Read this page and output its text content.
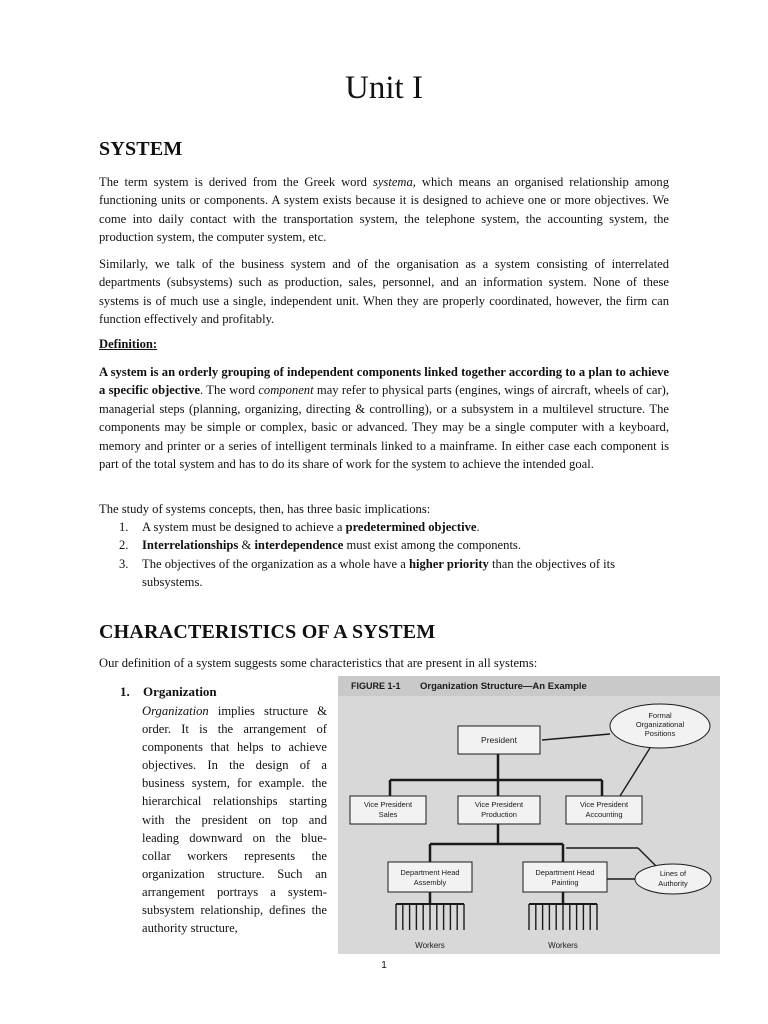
Unit I
SYSTEM

The term system is derived from the Greek word systema, which means an organised relationship among functioning units or components. A system exists because it is designed to achieve one or more objectives. We come into daily contact with the transportation system, the telephone system, the accounting system, the production system, the computer system, etc.

Similarly, we talk of the business system and of the organisation as a system consisting of interrelated departments (subsystems) such as production, sales, personnel, and an information system. None of these systems is of much use a single, independent unit. When they are properly coordinated, however, the firm can function effectively and profitably.

Definition:

A system is an orderly grouping of independent components linked together according to a plan to achieve a specific objective. The word component may refer to physical parts (engines, wings of aircraft, wheels of car), managerial steps (planning, organizing, directing & controlling), or a subsystem in a multilevel structure. The components may be simple or complex, basic or advanced. They may be a single computer with a keyboard, memory and printer or a series of intelligent terminals linked to a mainframe. In either case each component is part of the total system and has to do its share of work for the system to achieve the intended goal.

The study of systems concepts, then, has three basic implications:

1. A system must be designed to achieve a predetermined objective.
2. Interrelationships & interdependence must exist among the components.
3. The objectives of the organization as a whole have a higher priority than the objectives of its subsystems.
CHARACTERISTICS OF A SYSTEM

Our definition of a system suggests some characteristics that are present in all systems:

1. Organization

Organization implies structure & order. It is the arrangement of components that helps to achieve objectives. In the design of a business system, for example. the hierarchical relationships starting with the president on top and leading downward on the blue-collar workers represents the organization structure. Such an arrangement portrays a system-subsystem relationship, defines the authority structure,

FIGURE 1-1 Organization Structure—An Example
President
Vice President
Sales
Vice President
Production
Vice President
Accounting
Department Head
Assembly
Department Head
Painting
Formal
Organizational
Positions
Lines of
Authority
Workers	Workers
1
